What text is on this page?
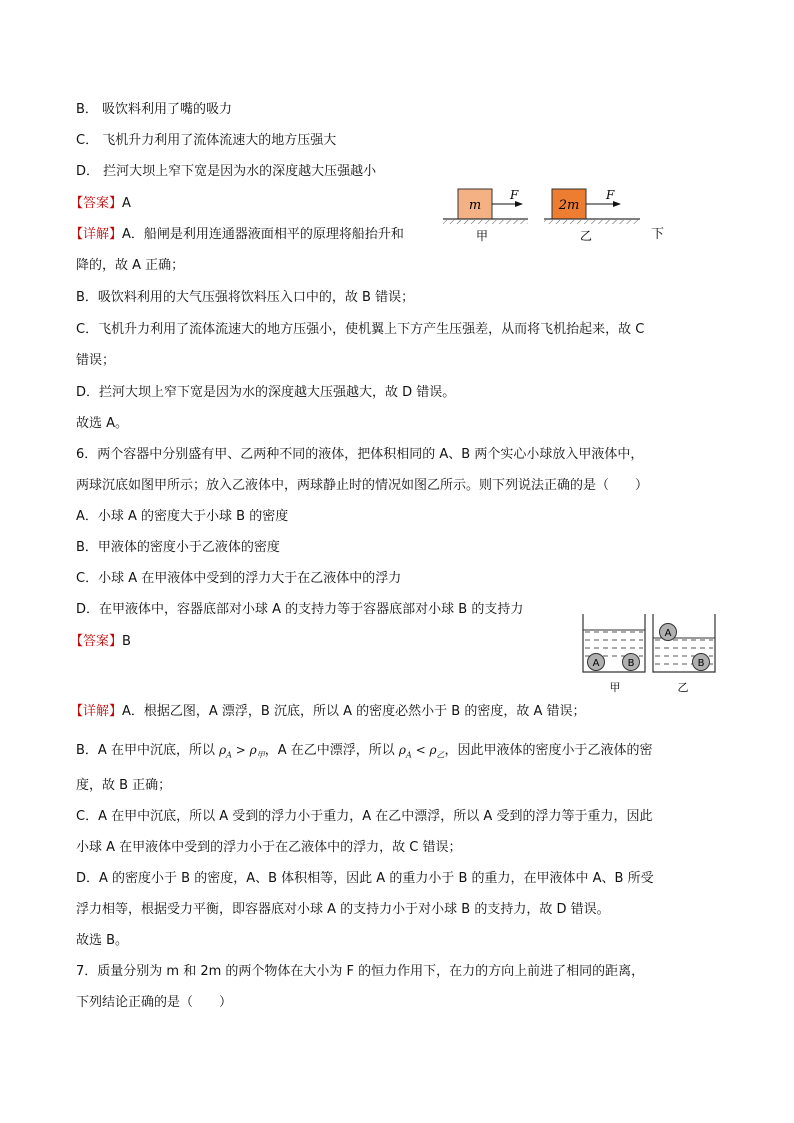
B． 吸饮料利用了嘴的吸力
C． 飞机升力利用了流体流速大的地方压强大
D． 拦河大坝上窄下宽是因为水的深度越大压强越小
【答案】A
【详解】A．船闸是利用连通器液面相平的原理将船抬升和	下
m
F
甲
2m
F
乙
降的，故 A 正确；
B．吸饮料利用的大气压强将饮料压入口中的，故 B 错误；
C．飞机升力利用了流体流速大的地方压强小，使机翼上下方产生压强差，从而将飞机抬起来，故 C
错误；
D．拦河大坝上窄下宽是因为水的深度越大压强越大，故 D 错误。
故选 A。
6．两个容器中分别盛有甲、乙两种不同的液体，把体积相同的 A、B 两个实心小球放入甲液体中，
两球沉底如图甲所示；放入乙液体中，两球静止时的情况如图乙所示。则下列说法正确的是（　　）
A．小球 A 的密度大于小球 B 的密度
B．甲液体的密度小于乙液体的密度
C．小球 A 在甲液体中受到的浮力大于在乙液体中的浮力
D．在甲液体中，容器底部对小球 A 的支持力等于容器底部对小球 B 的支持力
【答案】B
A	B
甲
A
B
乙
【详解】A．根据乙图，A 漂浮，B 沉底，所以 A 的密度必然小于 B 的密度，故 A 错误；
B．A 在甲中沉底，所以 $\rho_A > \rho_甲$，A 在乙中漂浮，所以 $\rho_A < \rho_乙$，因此甲液体的密度小于乙液体的密
度，故 B 正确；
C．A 在甲中沉底，所以 A 受到的浮力小于重力，A 在乙中漂浮，所以 A 受到的浮力等于重力，因此
小球 A 在甲液体中受到的浮力小于在乙液体中的浮力，故 C 错误；
D．A 的密度小于 B 的密度，A、B 体积相等，因此 A 的重力小于 B 的重力，在甲液体中 A、B 所受
浮力相等，根据受力平衡，即容器底对小球 A 的支持力小于对小球 B 的支持力，故 D 错误。
故选 B。
7．质量分别为 m 和 2m 的两个物体在大小为 F 的恒力作用下，在力的方向上前进了相同的距离，
下列结论正确的是（　　）
